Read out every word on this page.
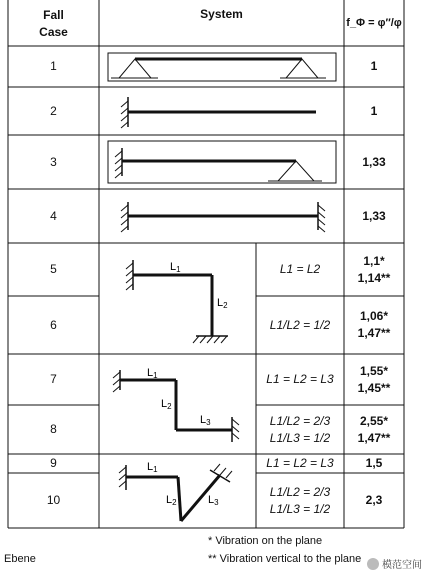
L1
L2
L1
L2
L3
L1
L2	L3
Fall
Case
System
f_Φ = φ″/φ
1
2
3
4
5
6
7
8
9
10
L1 = L2
L1/L2 = 1/2
L1 = L2 = L3
L1/L2 = 2/3
L1/L3 = 1/2
L1 = L2 = L3
L1/L2 = 2/3
L1/L3 = 1/2
1
1
1,33
1,33
1,1*
1,14**
1,06*
1,47**
1,55*
1,45**
2,55*
1,47**
1,5
2,3
* Vibration on the plane
** Vibration vertical to the plane
Ebene
模范空间
